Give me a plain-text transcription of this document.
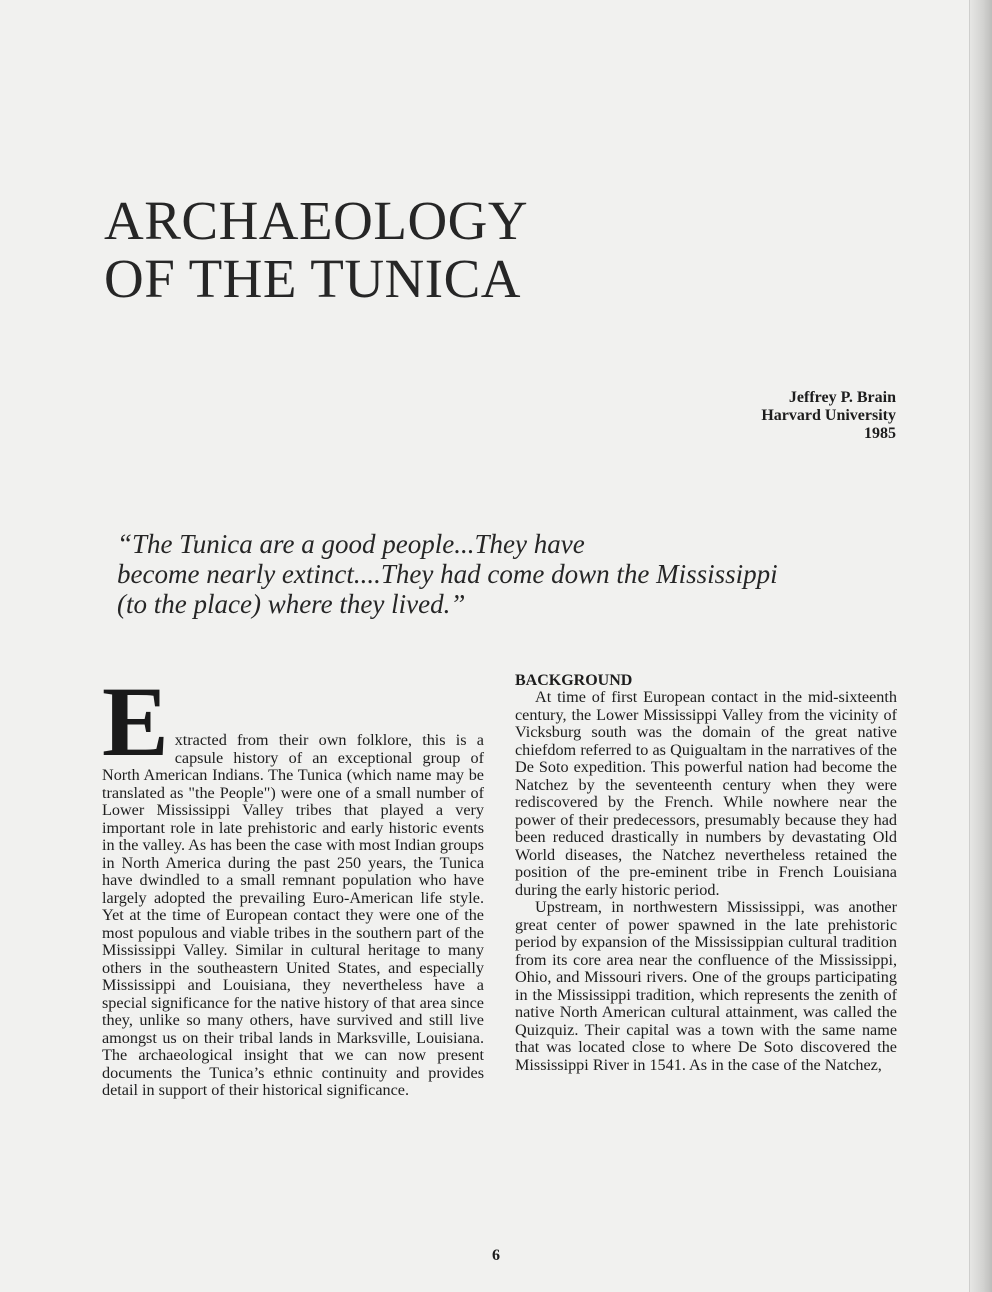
ARCHAEOLOGY
OF THE TUNICA
Jeffrey P. Brain
Harvard University
1985
“The Tunica are a good people...They have
become nearly extinct....They had come down the Mississippi
(to the place) where they lived.”
E xtracted from their own folklore, this is a capsule history of an exceptional group of North American Indians. The Tunica (which name may be translated as "the People") were one of a small number of Lower Mississippi Valley tribes that played a very important role in late prehistoric and early historic events in the valley. As has been the case with most Indian groups in North America during the past 250 years, the Tunica have dwindled to a small remnant population who have largely adopted the prevailing Euro-American life style. Yet at the time of European contact they were one of the most populous and viable tribes in the southern part of the Mississippi Valley. Similar in cultural heritage to many others in the southeastern United States, and especially Mississippi and Louisiana, they nevertheless have a special significance for the native history of that area since they, unlike so many others, have survived and still live amongst us on their tribal lands in Marksville, Louisiana. The archaeological insight that we can now present documents the Tunica’s ethnic continuity and provides detail in support of their historical significance.
BACKGROUND

At time of first European contact in the mid-sixteenth century, the Lower Mississippi Valley from the vicinity of Vicksburg south was the domain of the great native chiefdom referred to as Quigualtam in the narratives of the De Soto expedition. This powerful nation had become the Natchez by the seventeenth century when they were rediscovered by the French. While nowhere near the power of their predecessors, presumably because they had been reduced drastically in numbers by devastating Old World diseases, the Natchez nevertheless retained the position of the pre-eminent tribe in French Louisiana during the early historic period.

Upstream, in northwestern Mississippi, was another great center of power spawned in the late prehistoric period by expansion of the Mississippian cultural tradition from its core area near the confluence of the Mississippi, Ohio, and Missouri rivers. One of the groups participating in the Mississippi tradition, which represents the zenith of native North American cultural attainment, was called the Quizquiz. Their capital was a town with the same name that was located close to where De Soto discovered the Mississippi River in 1541. As in the case of the Natchez,

6
